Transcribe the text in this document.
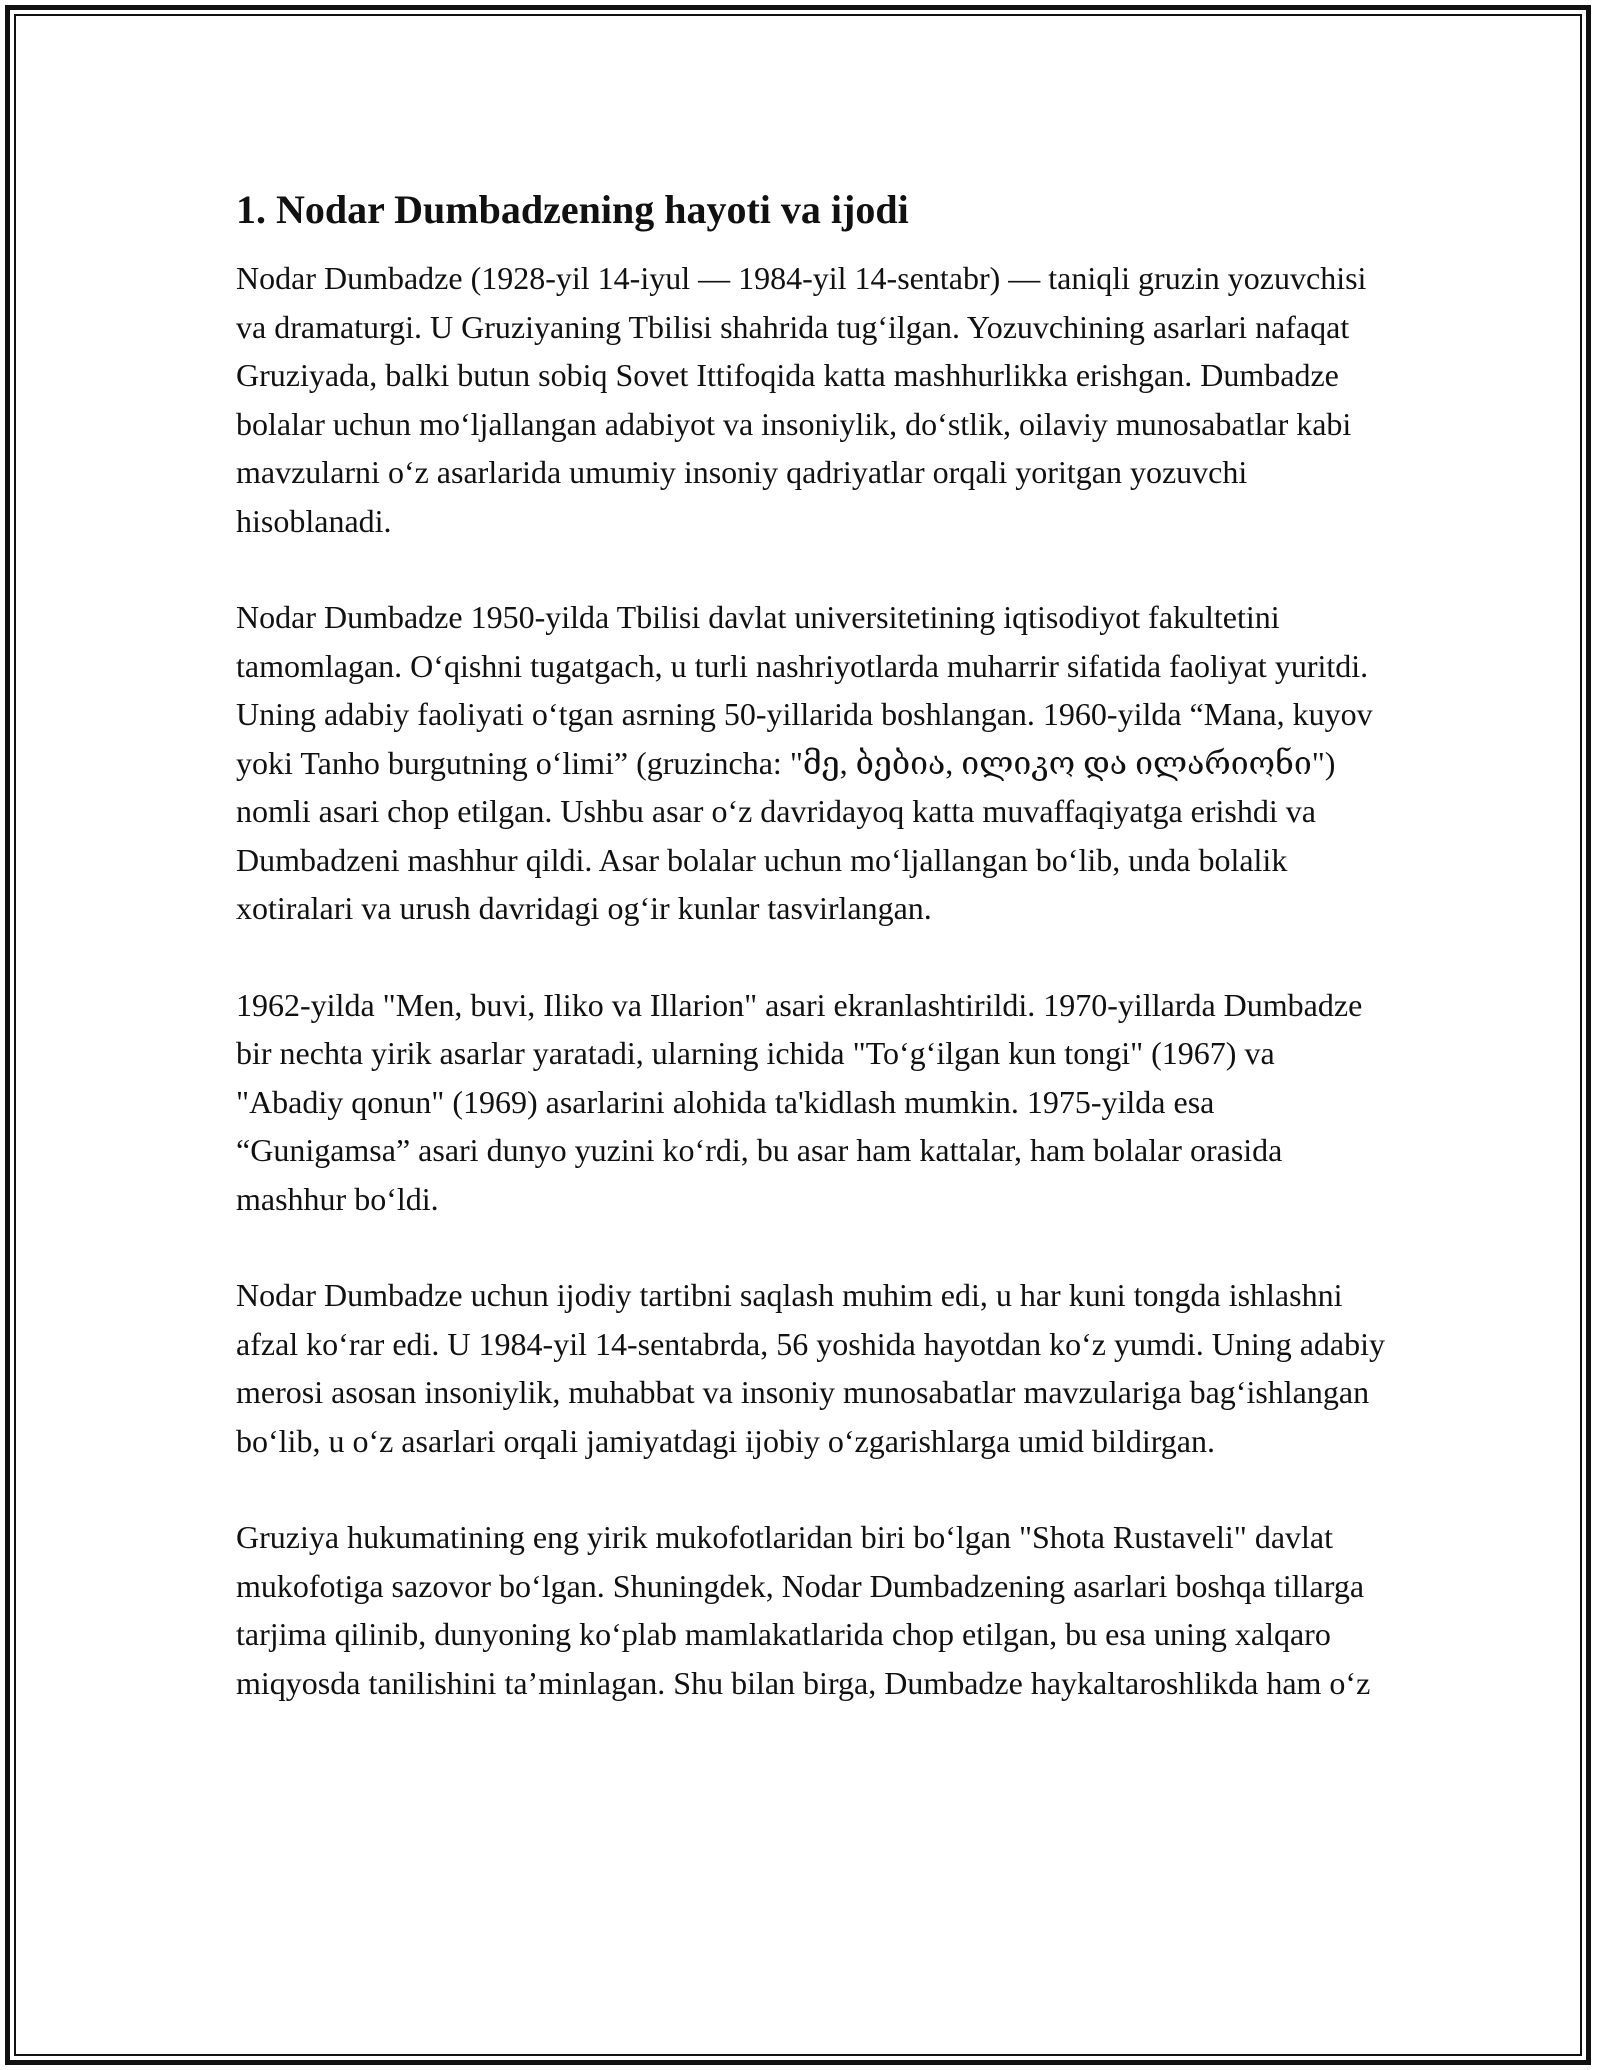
1. Nodar Dumbadzening hayoti va ijodi

Nodar Dumbadze (1928-yil 14-iyul — 1984-yil 14-sentabr) — taniqli gruzin yozuvchisi va dramaturgi. U Gruziyaning Tbilisi shahrida tugʻilgan. Yozuvchining asarlari nafaqat Gruziyada, balki butun sobiq Sovet Ittifoqida katta mashhurlikka erishgan. Dumbadze bolalar uchun moʻljallangan adabiyot va insoniylik, doʻstlik, oilaviy munosabatlar kabi mavzularni oʻz asarlarida umumiy insoniy qadriyatlar orqali yoritgan yozuvchi hisoblanadi.

Nodar Dumbadze 1950-yilda Tbilisi davlat universitetining iqtisodiyot fakultetini tamomlagan. Oʻqishni tugatgach, u turli nashriyotlarda muharrir sifatida faoliyat yuritdi. Uning adabiy faoliyati oʻtgan asrning 50-yillarida boshlangan. 1960-yilda “Mana, kuyov yoki Tanho burgutning oʻlimi” (gruzincha: "მე, ბებია, ილიკო და ილარიონი") nomli asari chop etilgan. Ushbu asar oʻz davridayoq katta muvaffaqiyatga erishdi va Dumbadzeni mashhur qildi. Asar bolalar uchun moʻljallangan boʻlib, unda bolalik xotiralari va urush davridagi ogʻir kunlar tasvirlangan.

1962-yilda "Men, buvi, Iliko va Illarion" asari ekranlashtirildi. 1970-yillarda Dumbadze bir nechta yirik asarlar yaratadi, ularning ichida "Toʻgʻilgan kun tongi" (1967) va "Abadiy qonun" (1969) asarlarini alohida ta'kidlash mumkin. 1975-yilda esa “Gunigamsa” asari dunyo yuzini koʻrdi, bu asar ham kattalar, ham bolalar orasida mashhur boʻldi.

Nodar Dumbadze uchun ijodiy tartibni saqlash muhim edi, u har kuni tongda ishlashni afzal koʻrar edi. U 1984-yil 14-sentabrda, 56 yoshida hayotdan koʻz yumdi. Uning adabiy merosi asosan insoniylik, muhabbat va insoniy munosabatlar mavzulariga bagʻishlangan boʻlib, u oʻz asarlari orqali jamiyatdagi ijobiy oʻzgarishlarga umid bildirgan.

Gruziya hukumatining eng yirik mukofotlaridan biri boʻlgan "Shota Rustaveli" davlat mukofotiga sazovor boʻlgan. Shuningdek, Nodar Dumbadzening asarlari boshqa tillarga tarjima qilinib, dunyoning koʻplab mamlakatlarida chop etilgan, bu esa uning xalqaro miqyosda tanilishini taʼminlagan. Shu bilan birga, Dumbadze haykaltaroshlikda ham oʻz
